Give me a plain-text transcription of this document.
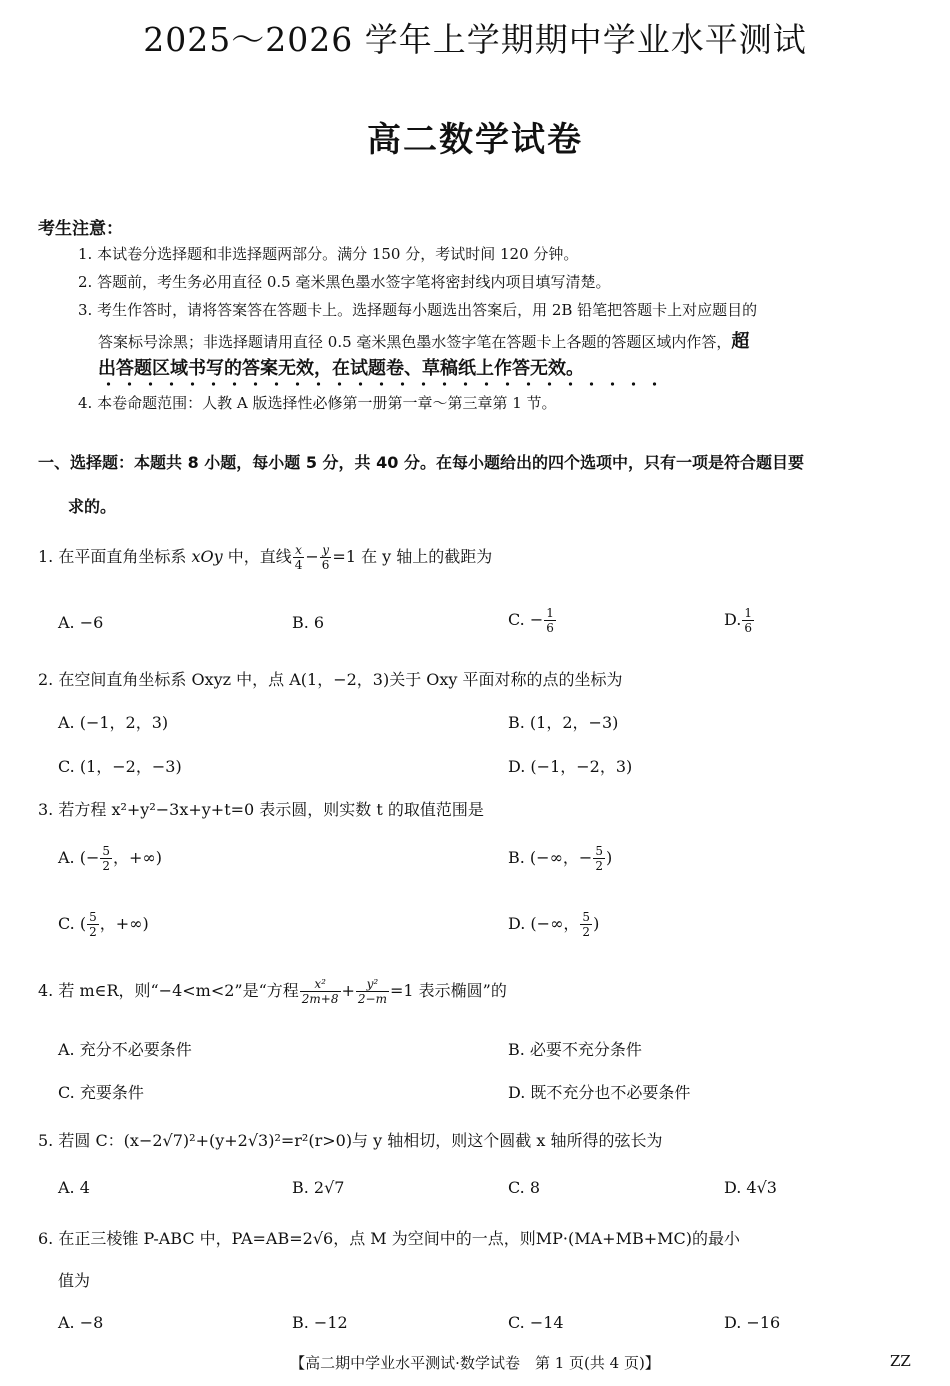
2025～2026 学年上学期期中学业水平测试
高二数学试卷
考生注意：
1. 本试卷分选择题和非选择题两部分。满分 150 分，考试时间 120 分钟。
2. 答题前，考生务必用直径 0.5 毫米黑色墨水签字笔将密封线内项目填写清楚。
3. 考生作答时，请将答案答在答题卡上。选择题每小题选出答案后，用 2B 铅笔把答题卡上对应题目的
答案标号涂黑；非选择题请用直径 0.5 毫米黑色墨水签字笔在答题卡上各题的答题区域内作答，超
出答题区域书写的答案无效，在试题卷、草稿纸上作答无效。
4. 本卷命题范围：人教 A 版选择性必修第一册第一章～第三章第 1 节。
一、选择题：本题共 8 小题，每小题 5 分，共 40 分。在每小题给出的四个选项中，只有一项是符合题目要
求的。
1. 在平面直角坐标系 xOy 中，直线 $\frac{x}{4} - \frac{y}{6} =1$ 在 y 轴上的截距为
A. −6	B. 6	C. − $\frac{1}{6}$	D. $\frac{1}{6}$
2. 在空间直角坐标系 Oxyz 中，点 A(1，−2，3)关于 Oxy 平面对称的点的坐标为
A. (−1，2，3)	B. (1，2，−3)
C. (1，−2，−3)	D. (−1，−2，3)
3. 若方程 x²+y²−3x+y+t=0 表示圆，则实数 t 的取值范围是
A. (− $\frac{5}{2}$ ，+∞)	B. (−∞，− $\frac{5}{2}$ )
C. ( $\frac{5}{2}$ ，+∞)	D. (−∞， $\frac{5}{2}$ )
4. 若 m∈R，则“−4<m<2”是“方程 $\frac{\text{x²}}{2m+8} + \frac{\text{y²}}{2-m} =1$ 表示椭圆”的
A. 充分不必要条件	B. 必要不充分条件
C. 充要条件	D. 既不充分也不必要条件
5. 若圆 C：(x−2√7)²+(y+2√3)²=r²(r>0)与 y 轴相切，则这个圆截 x 轴所得的弦长为
A. 4	B. 2√7	C. 8	D. 4√3
6. 在正三棱锥 P-ABC 中，PA=AB=2√6，点 M 为空间中的一点，则MP·(MA+MB+MC)的最小
值为
A. −8	B. −12	C. −14	D. −16
【高二期中学业水平测试·数学试卷　第 1 页(共 4 页)】	ZZ
